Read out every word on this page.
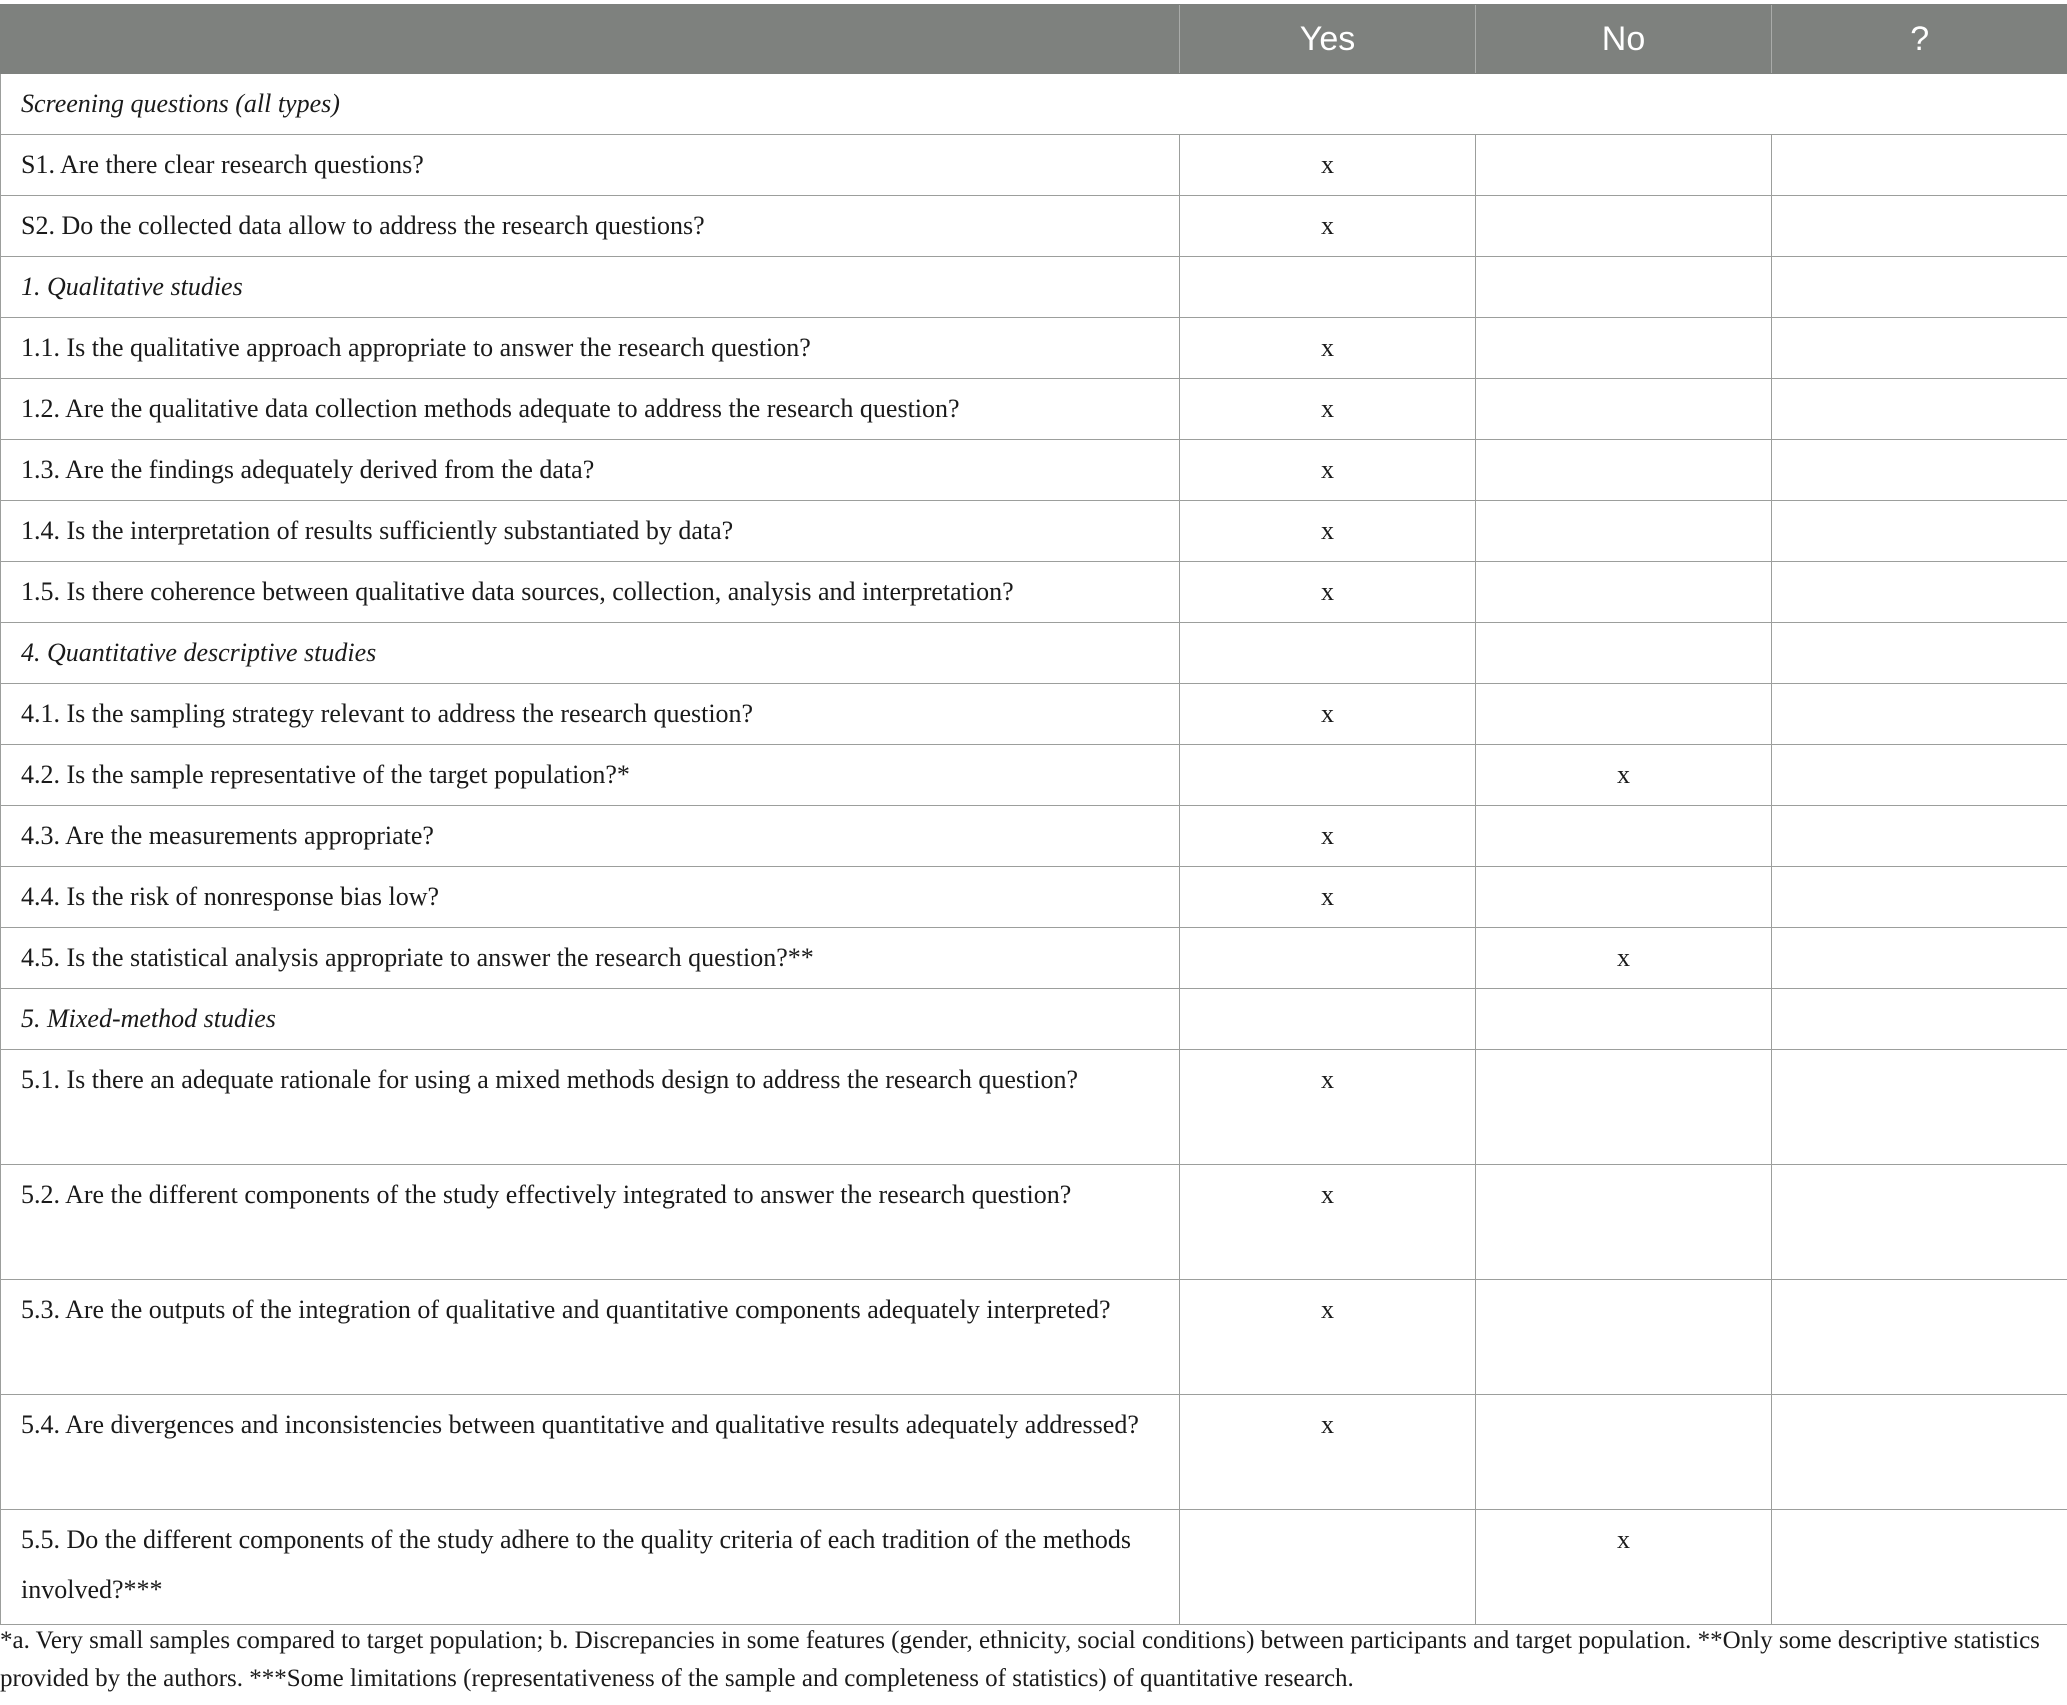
	Yes	No	?
Screening questions (all types)			
S1. Are there clear research questions?	x		
S2. Do the collected data allow to address the research questions?	x		
1. Qualitative studies			
1.1. Is the qualitative approach appropriate to answer the research question?	x		
1.2. Are the qualitative data collection methods adequate to address the research question?	x		
1.3. Are the findings adequately derived from the data?	x		
1.4. Is the interpretation of results sufficiently substantiated by data?	x		
1.5. Is there coherence between qualitative data sources, collection, analysis and interpretation?	x		
4. Quantitative descriptive studies			
4.1. Is the sampling strategy relevant to address the research question?	x		
4.2. Is the sample representative of the target population?*		x	
4.3. Are the measurements appropriate?	x		
4.4. Is the risk of nonresponse bias low?	x		
4.5. Is the statistical analysis appropriate to answer the research question?**		x	
5. Mixed-method studies			
5.1. Is there an adequate rationale for using a mixed methods design to address the research question?	x		
5.2. Are the different components of the study effectively integrated to answer the research question?	x		
5.3. Are the outputs of the integration of qualitative and quantitative components adequately interpreted?	x		
5.4. Are divergences and inconsistencies between quantitative and qualitative results adequately addressed?	x		
5.5. Do the different components of the study adhere to the quality criteria of each tradition of the methods involved?***		x	
*a. Very small samples compared to target population; b. Discrepancies in some features (gender, ethnicity, social conditions) between participants and target population. **Only some descriptive statistics provided by the authors. ***Some limitations (representativeness of the sample and completeness of statistics) of quantitative research.
